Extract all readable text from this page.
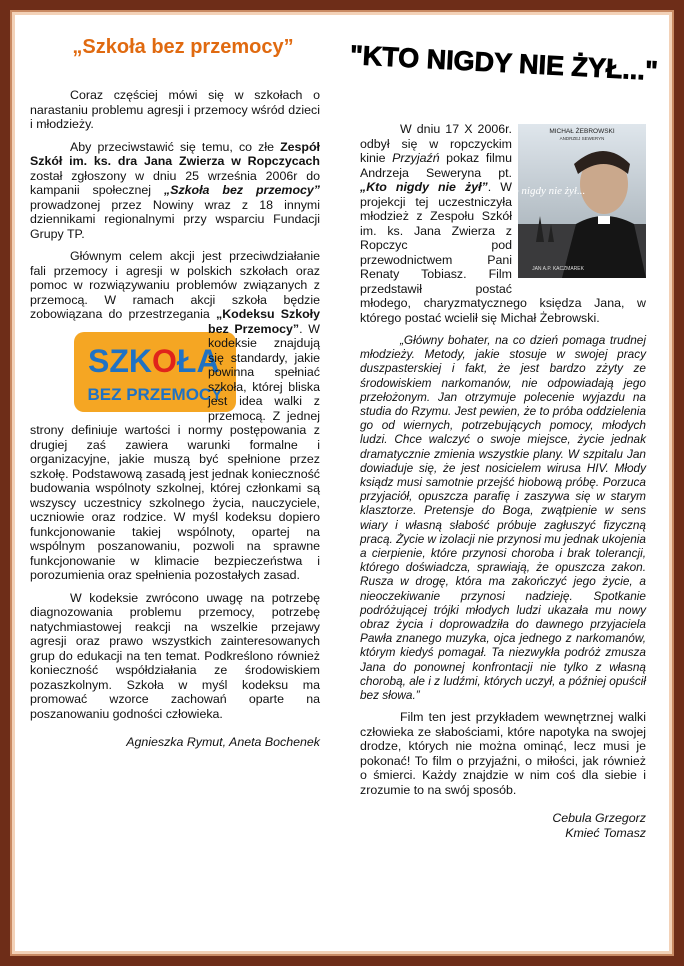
„Szkoła bez przemocy”	"KTO NIGDY NIE ŻYŁ..."

Coraz częściej mówi się w szkołach o narastaniu problemu agresji i przemocy wśród dzieci i młodzieży.

Aby przeciwstawić się temu, co złe Zespół Szkół im. ks. dra Jana Zwierza w Ropczycach został zgłoszony w dniu 25 września 2006r do kampanii społecznej „Szkoła bez przemocy” prowadzonej przez Nowiny wraz z 18 innymi dziennikami regionalnymi przy wsparciu Fundacji Grupy TP.

Głównym celem akcji jest przeciwdziałanie fali przemocy i agresji w polskich szkołach oraz pomoc w rozwiązywaniu problemów związanych z przemocą. W ramach akcji szkoła będzie zobowiązana do przestrzegania „Kodeksu Szkoły bez Przemocy”
SZKOŁA
BEZ PRZEMOCY
. W kodeksie znajdują się standardy, jakie powinna spełniać szkoła, której bliska jest idea walki z przemocą. Z jednej strony definiuje wartości i normy postępowania z drugiej zaś zawiera warunki formalne i organizacyjne, jakie muszą być spełnione przez szkołę. Podstawową zasadą jest jednak konieczność budowania wspólnoty szkolnej, której członkami są wszyscy uczestnicy szkolnego życia, nauczyciele, uczniowie oraz rodzice. W myśl kodeksu dopiero funkcjonowanie takiej wspólnoty, opartej na wspólnym poszanowaniu, pozwoli na sprawne funkcjonowanie w klimacie bezpieczeństwa i porozumienia oraz spełnienia pozostałych zasad.

W kodeksie zwrócono uwagę na potrzebę diagnozowania problemu przemocy, potrzebę natychmiastowej reakcji na wszelkie przejawy agresji oraz prawo wszystkich zainteresowanych grup do edukacji na ten temat. Podkreślono również konieczność współdziałania ze środowiskiem pozaszkolnym. Szkoła w myśl kodeksu ma promować wzorce zachowań oparte na poszanowaniu godności człowieka.

Agnieszka Rymut, Aneta Bochenek
MICHAŁ ŻEBROWSKI
ANDRZEJ SEWERYN
Kto nigdy nie żył...
JAN A.P. KACZMAREK

W dniu 17 X 2006r. odbył się w ropczyckim kinie Przyjaźń pokaz filmu Andrzeja Seweryna pt. „Kto nigdy nie żył”. W projekcji tej uczestniczyła młodzież z Zespołu Szkół im. ks. Jana Zwierza z Ropczyc pod przewodnictwem Pani Renaty Tobiasz. Film przedstawił postać młodego, charyzmatycznego księdza Jana, w którego postać wcielił się Michał Żebrowski.

„Główny bohater, na co dzień pomaga trudnej młodzieży. Metody, jakie stosuje w swojej pracy duszpasterskiej i fakt, że jest bardzo zżyty ze środowiskiem narkomanów, nie odpowiadają jego przełożonym. Jan otrzymuje polecenie wyjazdu na studia do Rzymu. Jest pewien, że to próba oddzielenia go od wiernych, potrzebujących pomocy, młodych ludzi. Chce walczyć o swoje miejsce, życie jednak dramatycznie zmienia wszystkie plany. W szpitalu Jan dowiaduje się, że jest nosicielem wirusa HIV. Młody ksiądz musi samotnie przejść hiobową próbę. Porzuca przyjaciół, opuszcza parafię i zaszywa się w starym klasztorze. Pretensje do Boga, zwątpienie w sens wiary i własną słabość próbuje zagłuszyć fizyczną pracą. Życie w izolacji nie przynosi mu jednak ukojenia a cierpienie, które przynosi choroba i brak tolerancji, którego doświadcza, sprawiają, że opuszcza zakon. Rusza w drogę, która ma zakończyć jego życie, a nieoczekiwanie przynosi nadzieję. Spotkanie podróżującej trójki młodych ludzi ukazała mu nowy obraz życia i doprowadziła do dawnego przyjaciela Pawła znanego muzyka, ojca jednego z narkomanów, którym kiedyś pomagał. Ta niezwykła podróż zmusza Jana do ponownej konfrontacji nie tylko z własną chorobą, ale i z ludźmi, których uczył, a później opuścił bez słowa.”

Film ten jest przykładem wewnętrznej walki człowieka ze słabościami, które napotyka na swojej drodze, których nie można ominąć, lecz musi je pokonać! To film o przyjaźni, o miłości, jak również o śmierci. Każdy znajdzie w nim coś dla siebie i zrozumie to na swój sposób.

Cebula Grzegorz
Kmieć Tomasz
